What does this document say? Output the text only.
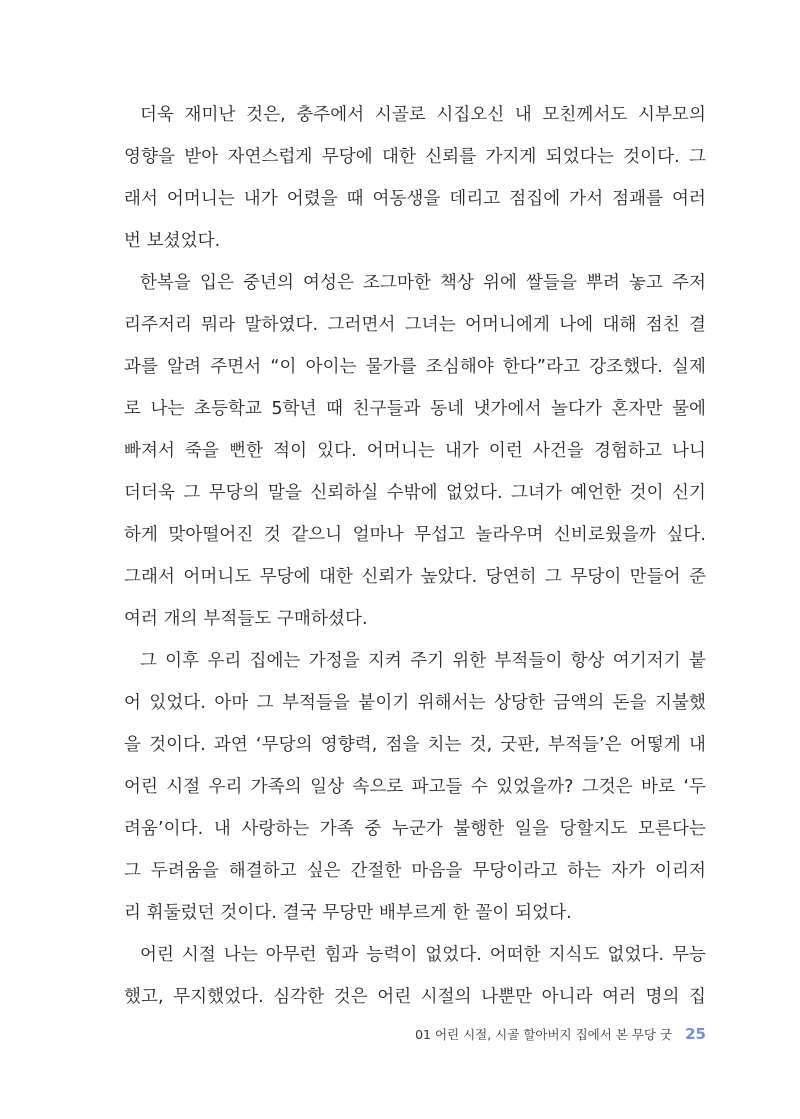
더욱 재미난 것은, 충주에서 시골로 시집오신 내 모친께서도 시부모의
영향을 받아 자연스럽게 무당에 대한 신뢰를 가지게 되었다는 것이다. 그
래서 어머니는 내가 어렸을 때 여동생을 데리고 점집에 가서 점괘를 여러
번 보셨었다.
한복을 입은 중년의 여성은 조그마한 책상 위에 쌀들을 뿌려 놓고 주저
리주저리 뭐라 말하였다. 그러면서 그녀는 어머니에게 나에 대해 점친 결
과를 알려 주면서 “이 아이는 물가를 조심해야 한다”라고 강조했다. 실제
로 나는 초등학교 5학년 때 친구들과 동네 냇가에서 놀다가 혼자만 물에
빠져서 죽을 뻔한 적이 있다. 어머니는 내가 이런 사건을 경험하고 나니
더더욱 그 무당의 말을 신뢰하실 수밖에 없었다. 그녀가 예언한 것이 신기
하게 맞아떨어진 것 같으니 얼마나 무섭고 놀라우며 신비로웠을까 싶다.
그래서 어머니도 무당에 대한 신뢰가 높았다. 당연히 그 무당이 만들어 준
여러 개의 부적들도 구매하셨다.
그 이후 우리 집에는 가정을 지켜 주기 위한 부적들이 항상 여기저기 붙
어 있었다. 아마 그 부적들을 붙이기 위해서는 상당한 금액의 돈을 지불했
을 것이다. 과연 ‘무당의 영향력, 점을 치는 것, 굿판, 부적들’은 어떻게 내
어린 시절 우리 가족의 일상 속으로 파고들 수 있었을까? 그것은 바로 ‘두
려움’이다. 내 사랑하는 가족 중 누군가 불행한 일을 당할지도 모른다는
그 두려움을 해결하고 싶은 간절한 마음을 무당이라고 하는 자가 이리저
리 휘둘렀던 것이다. 결국 무당만 배부르게 한 꼴이 되었다.
어린 시절 나는 아무런 힘과 능력이 없었다. 어떠한 지식도 없었다. 무능
했고, 무지했었다. 심각한 것은 어린 시절의 나뿐만 아니라 여러 명의 집
01 어린 시절, 시골 할아버지 집에서 본 무당 굿 25
